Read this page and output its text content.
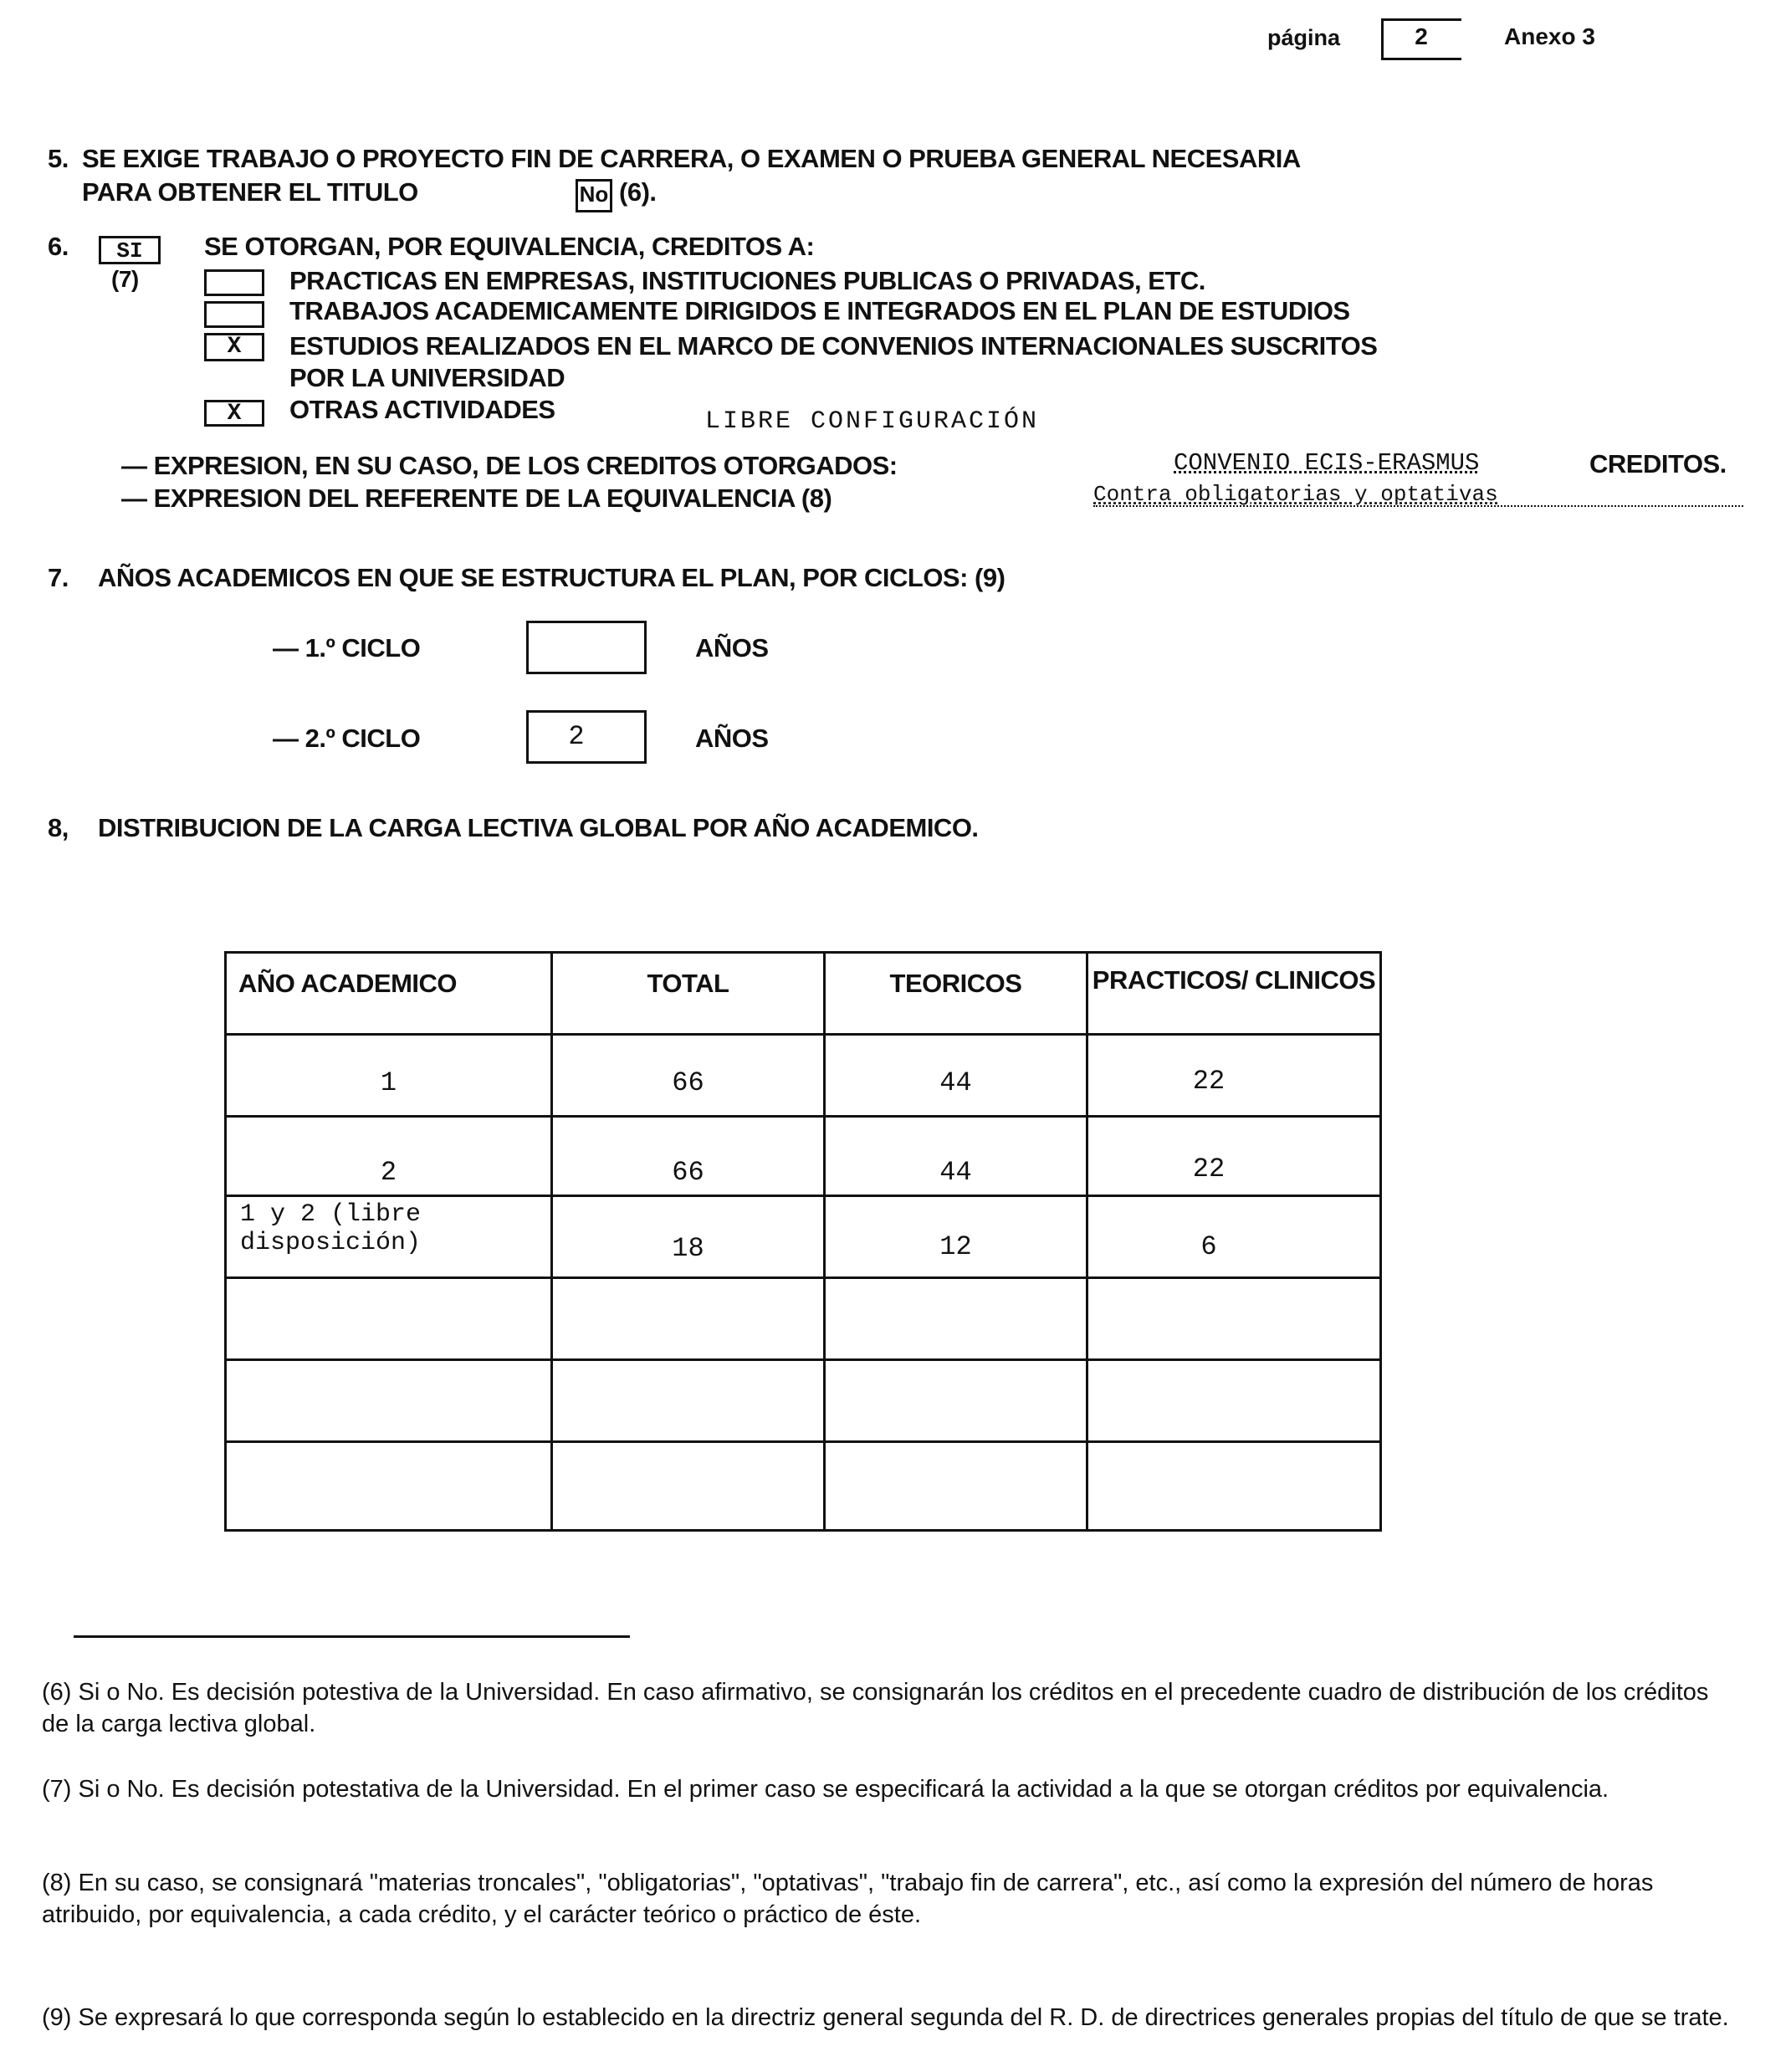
página	2	Anexo 3
5. SE EXIGE TRABAJO O PROYECTO FIN DE CARRERA, O EXAMEN O PRUEBA GENERAL NECESARIA
PARA OBTENER EL TITULO	No (6).
6.	SI
(7)
SE OTORGAN, POR EQUIVALENCIA, CREDITOS A:
PRACTICAS EN EMPRESAS, INSTITUCIONES PUBLICAS O PRIVADAS, ETC.
TRABAJOS ACADEMICAMENTE DIRIGIDOS E INTEGRADOS EN EL PLAN DE ESTUDIOS
X	ESTUDIOS REALIZADOS EN EL MARCO DE CONVENIOS INTERNACIONALES SUSCRITOS
POR LA UNIVERSIDAD
X	OTRAS ACTIVIDADES	LIBRE CONFIGURACIÓN
— EXPRESION, EN SU CASO, DE LOS CREDITOS OTORGADOS:	CONVENIO ECIS-ERASMUS	CREDITOS.
— EXPRESION DEL REFERENTE DE LA EQUIVALENCIA (8)	Contra obligatorias y optativas
7. AÑOS ACADEMICOS EN QUE SE ESTRUCTURA EL PLAN, POR CICLOS: (9)
— 1.º CICLO	AÑOS
— 2.º CICLO	2	AÑOS
8, DISTRIBUCION DE LA CARGA LECTIVA GLOBAL POR AÑO ACADEMICO.
AÑO ACADEMICO	TOTAL	TEORICOS	PRACTICOS/ CLINICOS
1	66	44	22
2	66	44	22
1 y 2 (libre disposición)	18	12	6

(6) Si o No. Es decisión potestiva de la Universidad. En caso afirmativo, se consignarán los créditos en el precedente cuadro de distribución de los créditos de la carga lectiva global.
(7) Si o No. Es decisión potestativa de la Universidad. En el primer caso se especificará la actividad a la que se otorgan créditos por equivalencia.
(8) En su caso, se consignará "materias troncales", "obligatorias", "optativas", "trabajo fin de carrera", etc., así como la expresión del número de horas atribuido, por equivalencia, a cada crédito, y el carácter teórico o práctico de éste.
(9) Se expresará lo que corresponda según lo establecido en la directriz general segunda del R. D. de directrices generales propias del título de que se trate.
